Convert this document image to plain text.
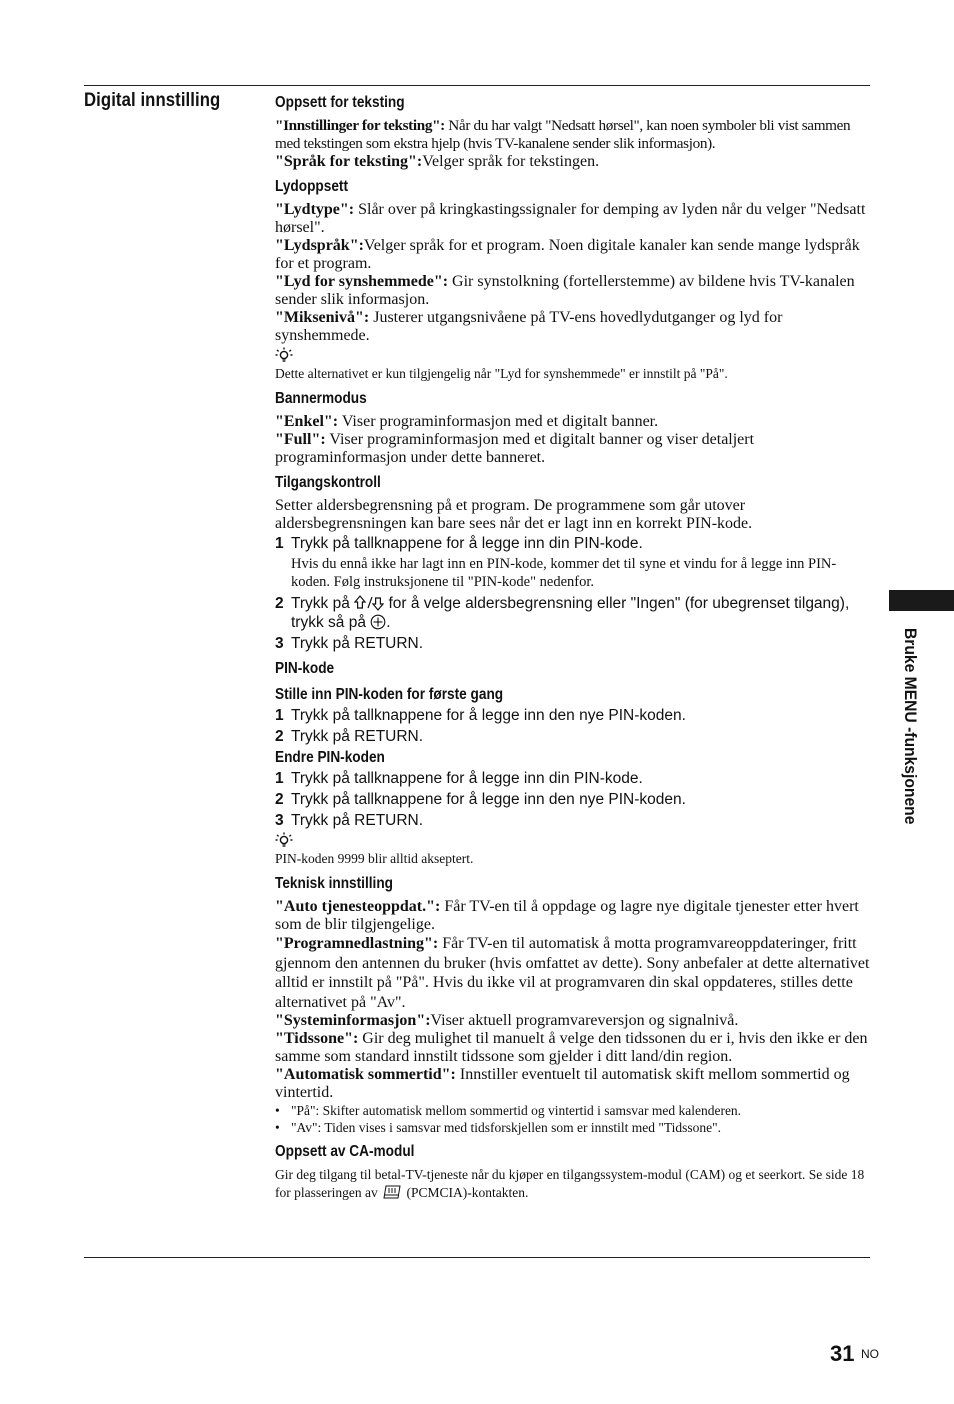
Digital innstilling	Oppsett for teksting

"Innstillinger for teksting": Når du har valgt "Nedsatt hørsel", kan noen symboler bli vist sammen med tekstingen som ekstra hjelp (hvis TV-kanalene sender slik informasjon).

"Språk for teksting":Velger språk for tekstingen.

Lydoppsett

"Lydtype": Slår over på kringkastingssignaler for demping av lyden når du velger "Nedsatt hørsel".

"Lydspråk":Velger språk for et program. Noen digitale kanaler kan sende mange lydspråk for et program.

"Lyd for synshemmede": Gir synstolkning (fortellerstemme) av bildene hvis TV-kanalen sender slik informasjon.

"Miksenivå": Justerer utgangsnivåene på TV-ens hovedlydutganger og lyd for synshemmede.

Dette alternativet er kun tilgjengelig når "Lyd for synshemmede" er innstilt på "På".

Bannermodus

"Enkel": Viser programinformasjon med et digitalt banner.

"Full": Viser programinformasjon med et digitalt banner og viser detaljert programinformasjon under dette banneret.

Tilgangskontroll

Setter aldersbegrensning på et program. De programmene som går utover aldersbegrensningen kan bare sees når det er lagt inn en korrekt PIN-kode.

1 Trykk på tallknappene for å legge inn din PIN-kode.

Hvis du ennå ikke har lagt inn en PIN-kode, kommer det til syne et vindu for å legge inn PIN-koden. Følg instruksjonene til "PIN-kode" nedenfor.

2 Trykk på  for å velge aldersbegrensning eller "Ingen" (for ubegrenset tilgang), trykk så på .
3 Trykk på RETURN.
PIN-kode
Stille inn PIN-koden for første gang
1 Trykk på tallknappene for å legge inn den nye PIN-koden.
2 Trykk på RETURN.
Endre PIN-koden
1 Trykk på tallknappene for å legge inn din PIN-kode.
2 Trykk på tallknappene for å legge inn den nye PIN-koden.
3 Trykk på RETURN.

PIN-koden 9999 blir alltid akseptert.

Teknisk innstilling

"Auto tjenesteoppdat.": Får TV-en til å oppdage og lagre nye digitale tjenester etter hvert som de blir tilgjengelige.

"Programnedlastning": Får TV-en til automatisk å motta programvareoppdateringer, fritt gjennom den antennen du bruker (hvis omfattet av dette). Sony anbefaler at dette alternativet alltid er innstilt på "På". Hvis du ikke vil at programvaren din skal oppdateres, stilles dette alternativet på "Av".

"Systeminformasjon":Viser aktuell programvareversjon og signalnivå.

"Tidssone": Gir deg mulighet til manuelt å velge den tidssonen du er i, hvis den ikke er den samme som standard innstilt tidssone som gjelder i ditt land/din region.

"Automatisk sommertid": Innstiller eventuelt til automatisk skift mellom sommertid og vintertid.

• "På": Skifter automatisk mellom sommertid og vintertid i samsvar med kalenderen.
• "Av": Tiden vises i samsvar med tidsforskjellen som er innstilt med "Tidssone".
Oppsett av CA-modul

Gir deg tilgang til betal-TV-tjeneste når du kjøper en tilgangssystem-modul (CAM) og et seerkort. Se side 18 for plasseringen av  (PCMCIA)-kontakten.

Bruke MENU -funksjonene
31 NO
